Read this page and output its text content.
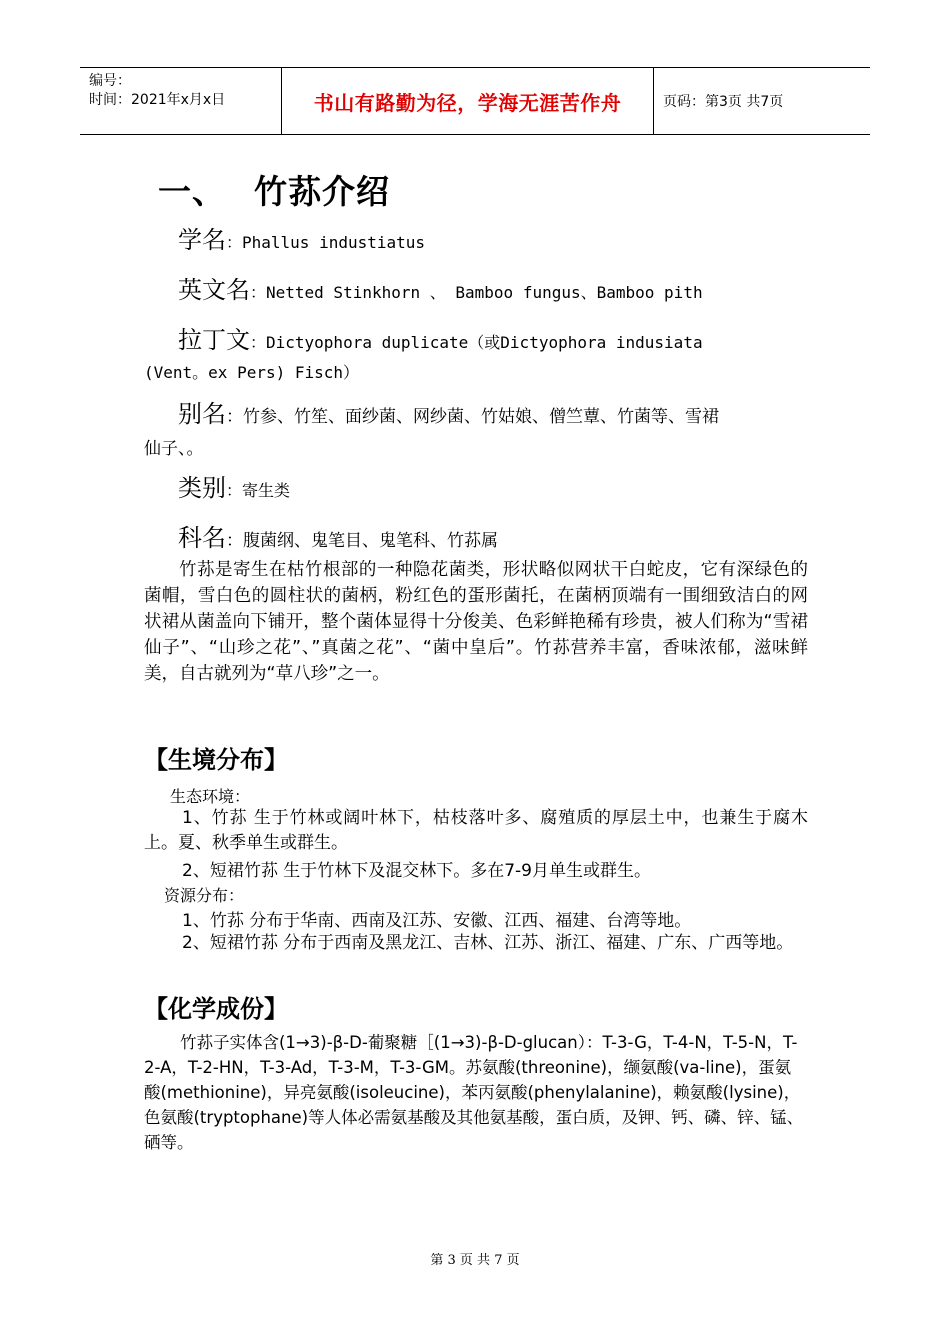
编号：
时间：2021年x月x日	书山有路勤为径，学海无涯苦作舟	页码：第3页 共7页
一、 竹荪介绍
学名：Phallus industiatus
英文名：Netted Stinkhorn 、 Bamboo fungus、Bamboo pith
拉丁文：Dictyophora duplicate（或Dictyophora indusiata
(Vent。ex Pers) Fisch）
别名：竹参、竹笙、面纱菌、网纱菌、竹姑娘、僧竺蕈、竹菌等、雪裙
仙子、。
类别：寄生类
科名：腹菌纲、鬼笔目、鬼笔科、竹荪属
竹荪是寄生在枯竹根部的一种隐花菌类，形状略似网状干白蛇皮，它有深绿色的菌帽，雪白色的圆柱状的菌柄，粉红色的蛋形菌托，在菌柄顶端有一围细致洁白的网状裙从菌盖向下铺开，整个菌体显得十分俊美、色彩鲜艳稀有珍贵，被人们称为“雪裙仙子”、“山珍之花”、”真菌之花”、“菌中皇后”。竹荪营养丰富，香味浓郁，滋味鲜美，自古就列为“草八珍”之一。
【生境分布】
生态环境：
1、竹荪 生于竹林或阔叶林下，枯枝落叶多、腐殖质的厚层土中，也兼生于腐木上。夏、秋季单生或群生。
2、短裙竹荪 生于竹林下及混交林下。多在7-9月单生或群生。
资源分布：
1、竹荪 分布于华南、西南及江苏、安徽、江西、福建、台湾等地。
2、短裙竹荪 分布于西南及黑龙江、吉林、江苏、浙江、福建、广东、广西等地。
【化学成份】
竹荪子实体含(1→3)-β-D-葡聚糖［(1→3)-β-D-glucan）：T-3-G，T-4-N，T-5-N，T-2-A，T-2-HN，T-3-Ad，T-3-M，T-3-GM。苏氨酸(threonine)，缬氨酸(va-line)，蛋氨酸(methionine)，异亮氨酸(isoleucine)，苯丙氨酸(phenylalanine)，赖氨酸(lysine)，色氨酸(tryptophane)等人体必需氨基酸及其他氨基酸，蛋白质，及钾、钙、磷、锌、锰、硒等。
第 3 页 共 7 页
